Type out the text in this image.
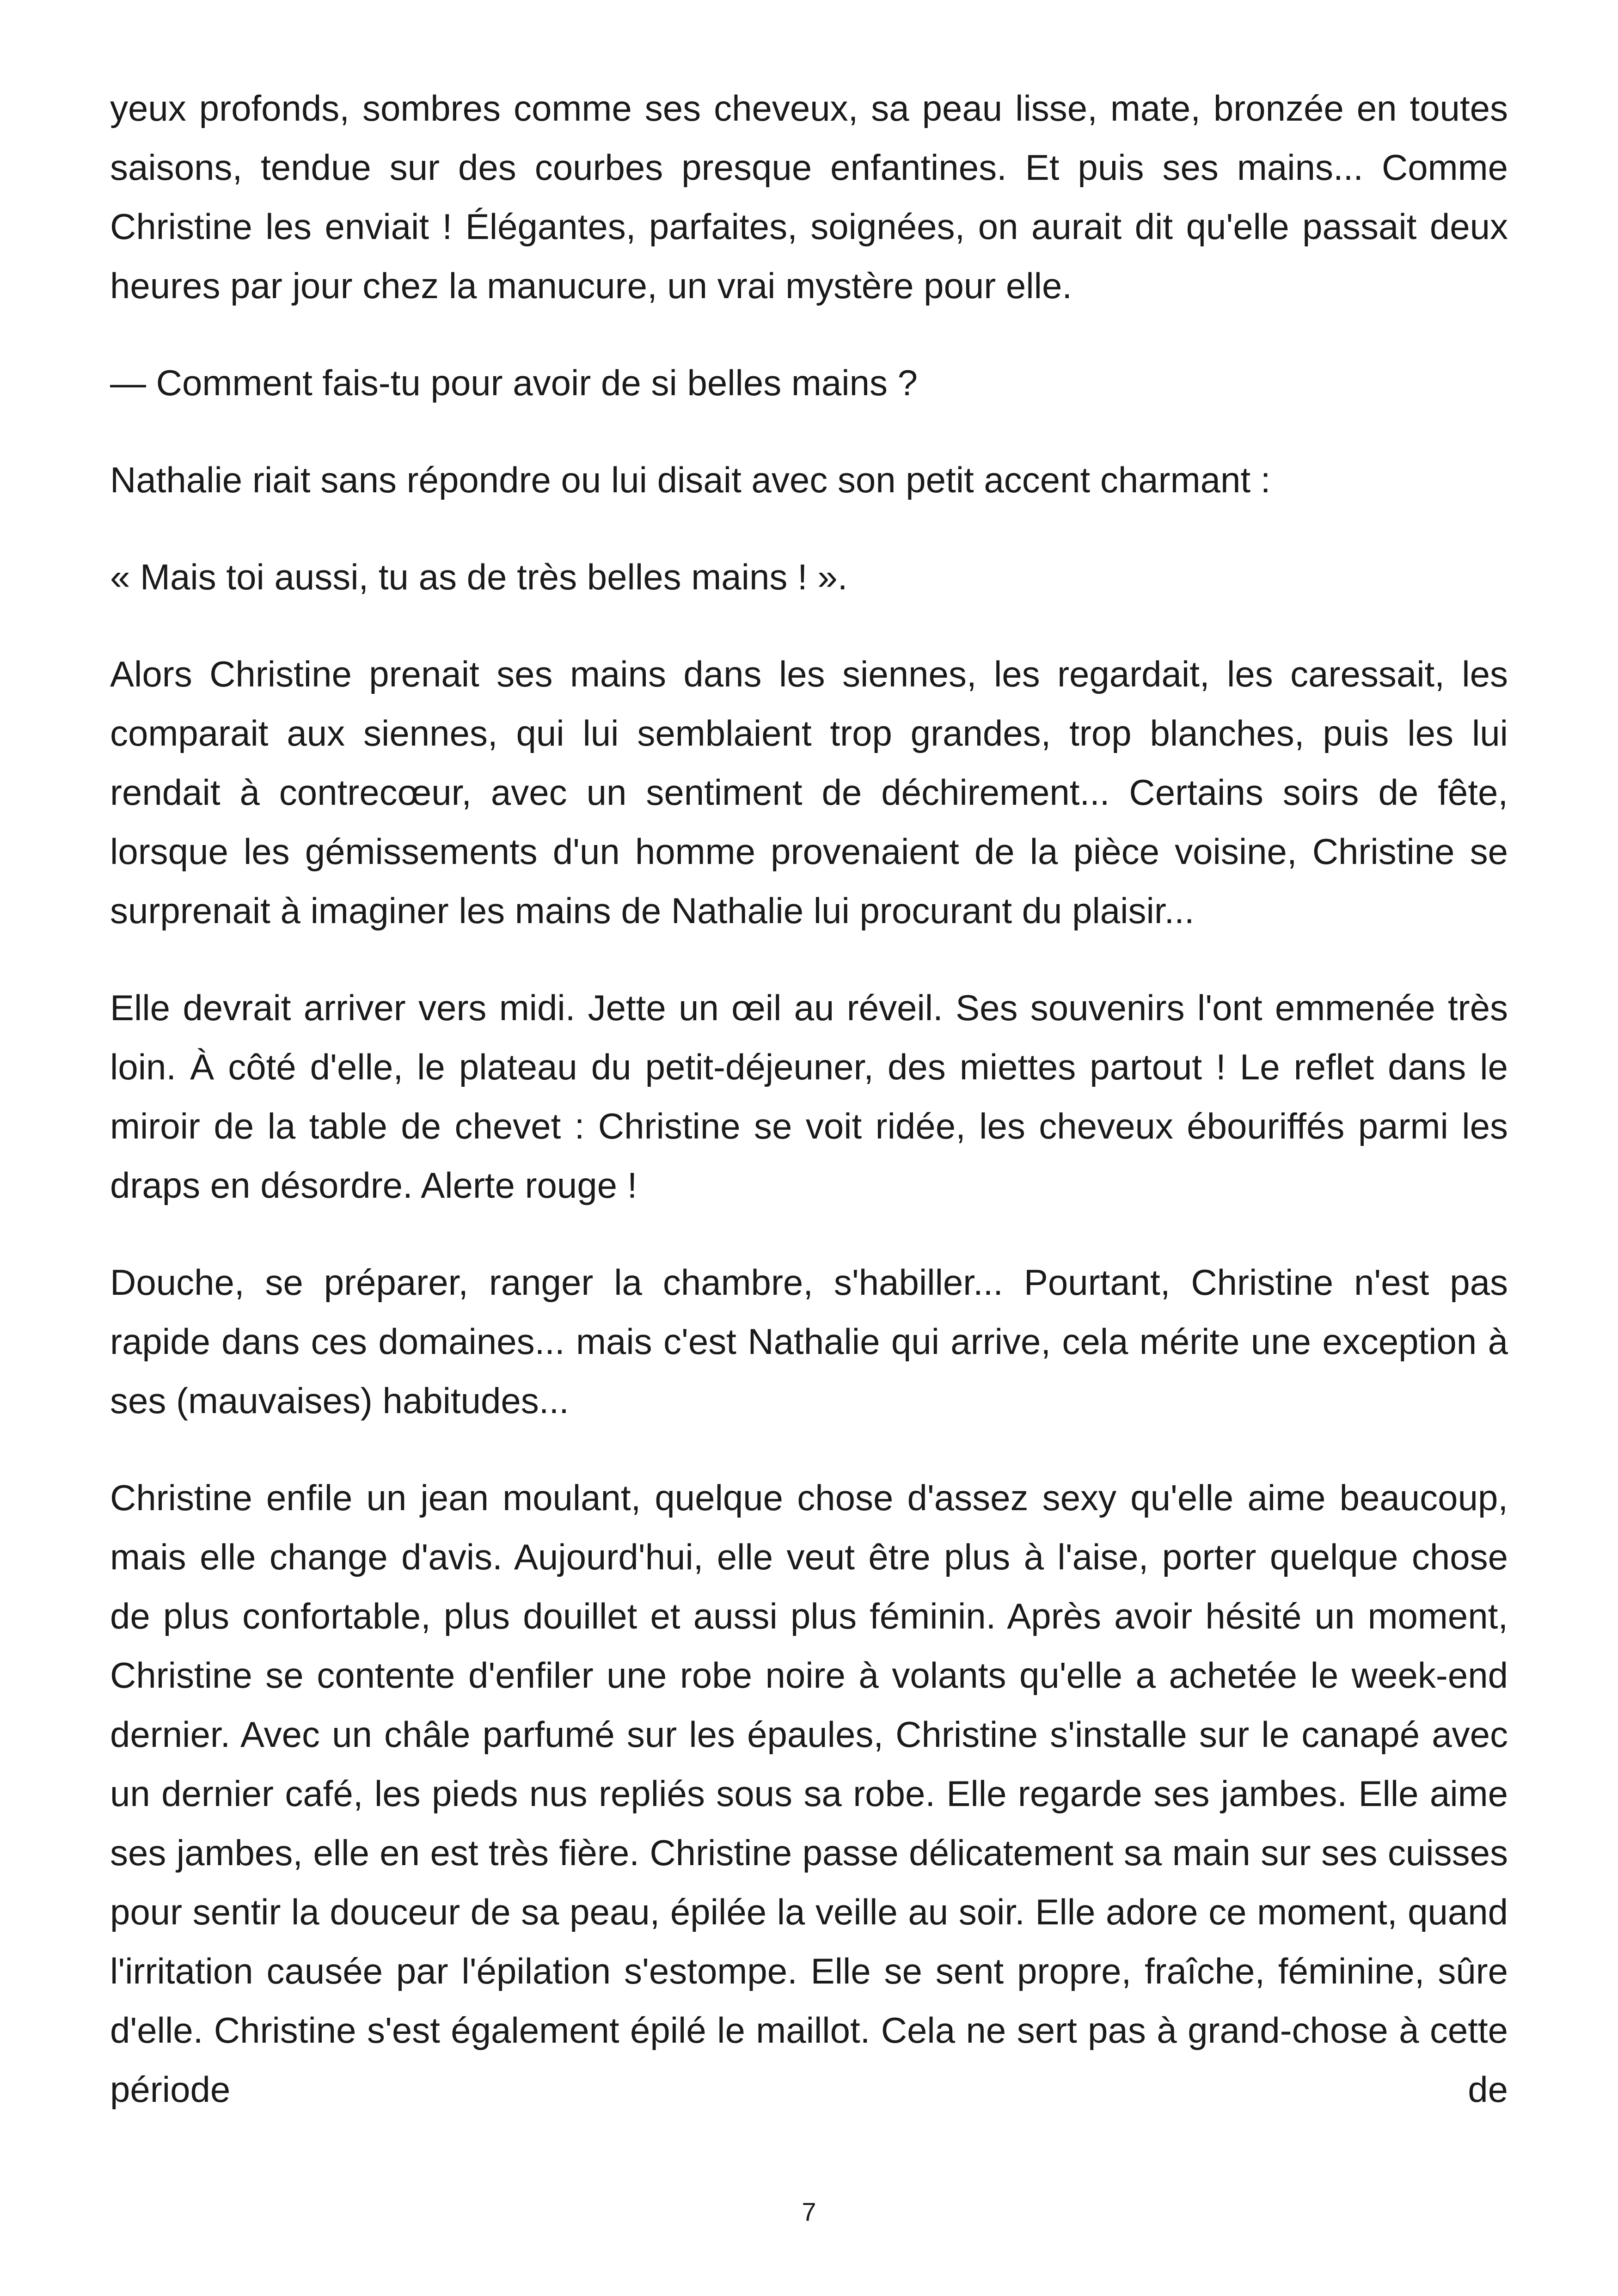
yeux profonds, sombres comme ses cheveux, sa peau lisse, mate, bronzée en toutes saisons, tendue sur des courbes presque enfantines. Et puis ses mains... Comme Christine les enviait ! Élégantes, parfaites, soignées, on aurait dit qu'elle passait deux heures par jour chez la manucure, un vrai mystère pour elle.

— Comment fais-tu pour avoir de si belles mains ?

Nathalie riait sans répondre ou lui disait avec son petit accent charmant :

« Mais toi aussi, tu as de très belles mains ! ».

Alors Christine prenait ses mains dans les siennes, les regardait, les caressait, les comparait aux siennes, qui lui semblaient trop grandes, trop blanches, puis les lui rendait à contrecœur, avec un sentiment de déchirement... Certains soirs de fête, lorsque les gémissements d'un homme provenaient de la pièce voisine, Christine se surprenait à imaginer les mains de Nathalie lui procurant du plaisir...

Elle devrait arriver vers midi. Jette un œil au réveil. Ses souvenirs l'ont emmenée très loin. À côté d'elle, le plateau du petit-déjeuner, des miettes partout ! Le reflet dans le miroir de la table de chevet : Christine se voit ridée, les cheveux ébouriffés parmi les draps en désordre. Alerte rouge !

Douche, se préparer, ranger la chambre, s'habiller... Pourtant, Christine n'est pas rapide dans ces domaines... mais c'est Nathalie qui arrive, cela mérite une exception à ses (mauvaises) habitudes...

Christine enfile un jean moulant, quelque chose d'assez sexy qu'elle aime beaucoup, mais elle change d'avis. Aujourd'hui, elle veut être plus à l'aise, porter quelque chose de plus confortable, plus douillet et aussi plus féminin. Après avoir hésité un moment, Christine se contente d'enfiler une robe noire à volants qu'elle a achetée le week-end dernier. Avec un châle parfumé sur les épaules, Christine s'installe sur le canapé avec un dernier café, les pieds nus repliés sous sa robe. Elle regarde ses jambes. Elle aime ses jambes, elle en est très fière. Christine passe délicatement sa main sur ses cuisses pour sentir la douceur de sa peau, épilée la veille au soir. Elle adore ce moment, quand l'irritation causée par l'épilation s'estompe. Elle se sent propre, fraîche, féminine, sûre d'elle. Christine s'est également épilé le maillot. Cela ne sert pas à grand-chose à cette période de

7
